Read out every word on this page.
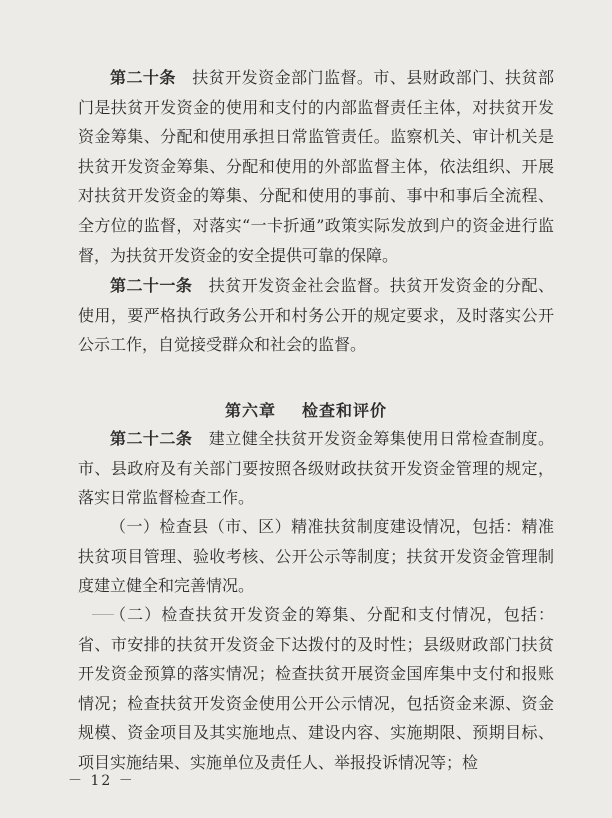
第二十条　扶贫开发资金部门监督。市、县财政部门、扶贫部门是扶贫开发资金的使用和支付的内部监督责任主体，对扶贫开发资金筹集、分配和使用承担日常监管责任。监察机关、审计机关是扶贫开发资金筹集、分配和使用的外部监督主体，依法组织、开展对扶贫开发资金的筹集、分配和使用的事前、事中和事后全流程、全方位的监督，对落实“一卡折通”政策实际发放到户的资金进行监督，为扶贫开发资金的安全提供可靠的保障。

第二十一条　扶贫开发资金社会监督。扶贫开发资金的分配、使用，要严格执行政务公开和村务公开的规定要求，及时落实公开公示工作，自觉接受群众和社会的监督。

第六章 检查和评价

第二十二条　建立健全扶贫开发资金筹集使用日常检查制度。市、县政府及有关部门要按照各级财政扶贫开发资金管理的规定，落实日常监督检查工作。

（一）检查县（市、区）精准扶贫制度建设情况，包括：精准扶贫项目管理、验收考核、公开公示等制度；扶贫开发资金管理制度建立健全和完善情况。

（二）检查扶贫开发资金的筹集、分配和支付情况，包括：省、市安排的扶贫开发资金下达拨付的及时性；县级财政部门扶贫开发资金预算的落实情况；检查扶贫开展资金国库集中支付和报账情况；检查扶贫开发资金使用公开公示情况，包括资金来源、资金规模、资金项目及其实施地点、建设内容、实施期限、预期目标、项目实施结果、实施单位及责任人、举报投诉情况等；检

－ 12 －
